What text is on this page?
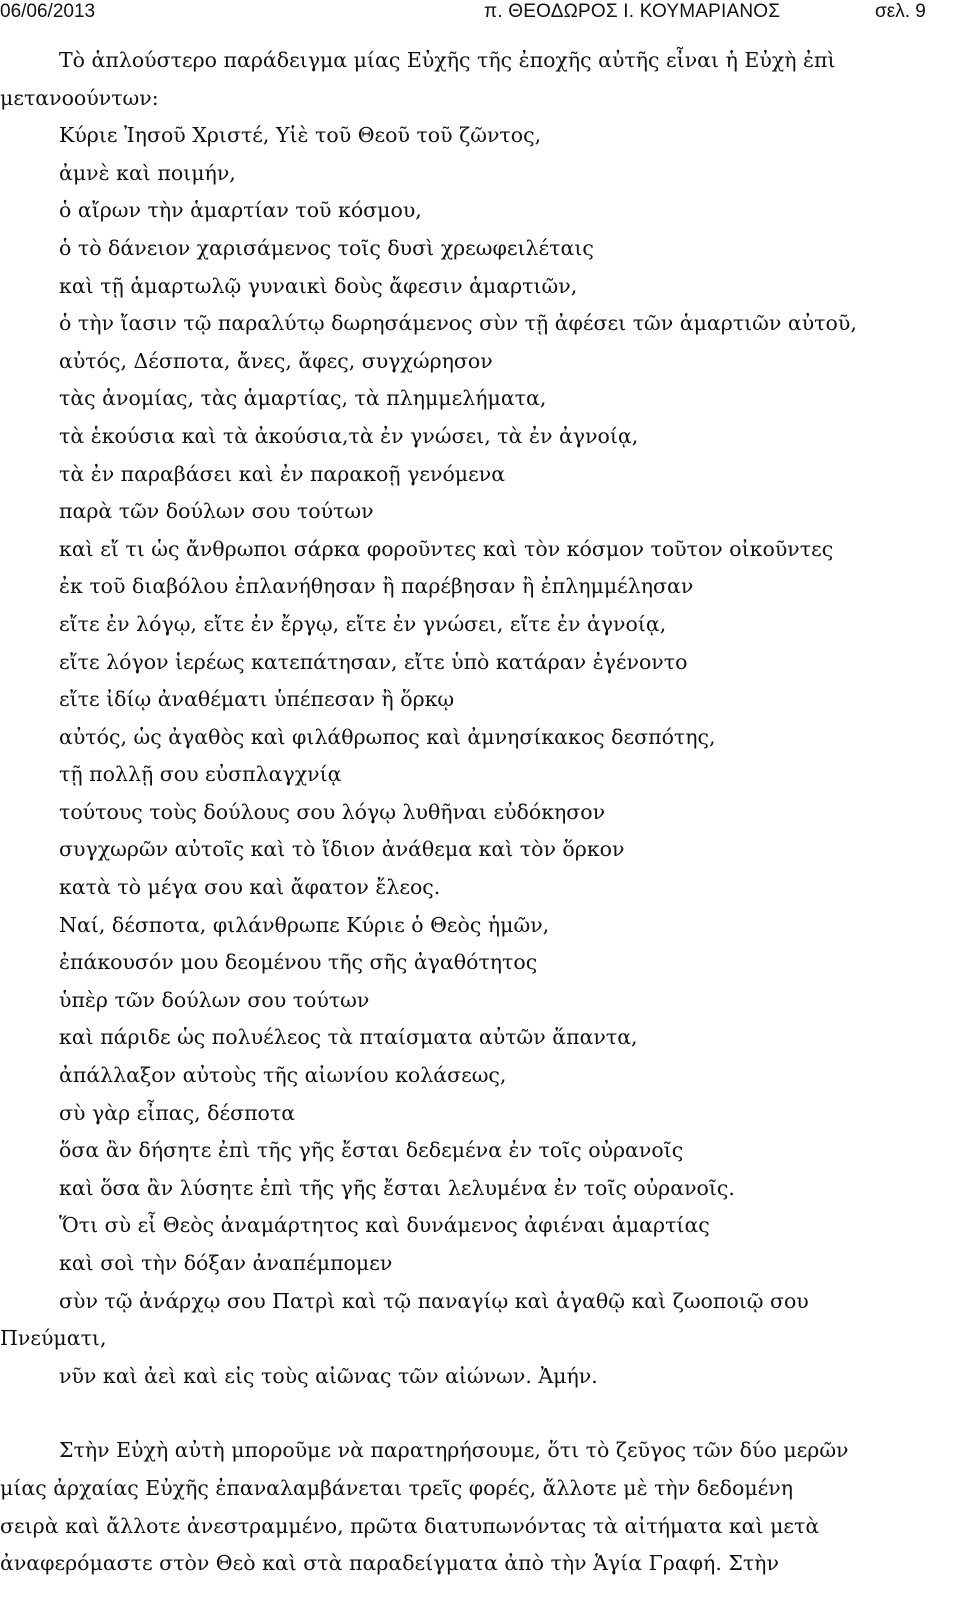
06/06/2013	π. ΘΕΟΔΩΡΟΣ Ι. ΚΟΥΜΑΡΙΑΝΟΣ	σελ. 9
Τὸ ἁπλούστερο παράδειγμα μίας Εὐχῆς τῆς ἐποχῆς αὐτῆς εἶναι ἡ Εὐχὴ ἐπὶ
μετανοούντων:
Κύριε Ἰησοῦ Χριστέ, Υἱὲ τοῦ Θεοῦ τοῦ ζῶντος,
ἀμνὲ καὶ ποιμήν,
ὁ αἴρων τὴν ἁμαρτίαν τοῦ κόσμου,
ὁ τὸ δάνειον χαρισάμενος τοῖς δυσὶ χρεωφειλέταις
καὶ τῇ ἁμαρτωλῷ γυναικὶ δοὺς ἄφεσιν ἁμαρτιῶν,
ὁ τὴν ἴασιν τῷ παραλύτῳ δωρησάμενος σὺν τῇ ἀφέσει τῶν ἁμαρτιῶν αὐτοῦ,
αὐτός, Δέσποτα, ἄνες, ἄφες, συγχώρησον
τὰς ἀνομίας, τὰς ἁμαρτίας, τὰ πλημμελήματα,
τὰ ἑκούσια καὶ τὰ ἀκούσια,τὰ ἐν γνώσει, τὰ ἐν ἀγνοίᾳ,
τὰ ἐν παραβάσει καὶ ἐν παρακοῇ γενόμενα
παρὰ τῶν δούλων σου τούτων
καὶ εἴ τι ὡς ἄνθρωποι σάρκα φοροῦντες καὶ τὸν κόσμον τοῦτον οἰκοῦντες
ἐκ τοῦ διαβόλου ἐπλανήθησαν ἢ παρέβησαν ἢ ἐπλημμέλησαν
εἴτε ἐν λόγῳ, εἴτε ἐν ἔργῳ, εἴτε ἐν γνώσει, εἴτε ἐν ἀγνοίᾳ,
εἴτε λόγον ἱερέως κατεπάτησαν, εἴτε ὑπὸ κατάραν ἐγένοντο
εἴτε ἰδίῳ ἀναθέματι ὑπέπεσαν ἢ ὅρκῳ
αὐτός, ὡς ἀγαθὸς καὶ φιλάθρωπος καὶ ἀμνησίκακος δεσπότης,
τῇ πολλῇ σου εὐσπλαγχνίᾳ
τούτους τοὺς δούλους σου λόγῳ λυθῆναι εὐδόκησον
συγχωρῶν αὐτοῖς καὶ τὸ ἴδιον ἀνάθεμα καὶ τὸν ὅρκον
κατὰ τὸ μέγα σου καὶ ἄφατον ἔλεος.
Ναί, δέσποτα, φιλάνθρωπε Κύριε ὁ Θεὸς ἡμῶν,
ἐπάκουσόν μου δεομένου τῆς σῆς ἀγαθότητος
ὑπὲρ τῶν δούλων σου τούτων
καὶ πάριδε ὡς πολυέλεος τὰ πταίσματα αὐτῶν ἅπαντα,
ἀπάλλαξον αὐτοὺς τῆς αἰωνίου κολάσεως,
σὺ γὰρ εἶπας, δέσποτα
ὅσα ἂν δήσητε ἐπὶ τῆς γῆς ἔσται δεδεμένα ἐν τοῖς οὐρανοῖς
καὶ ὅσα ἂν λύσητε ἐπὶ τῆς γῆς ἔσται λελυμένα ἐν τοῖς οὐρανοῖς.
Ὅτι σὺ εἶ Θεὸς ἀναμάρτητος καὶ δυνάμενος ἀφιέναι ἁμαρτίας
καὶ σοὶ τὴν δόξαν ἀναπέμπομεν
σὺν τῷ ἀνάρχῳ σου Πατρὶ καὶ τῷ παναγίῳ καὶ ἀγαθῷ καὶ ζωοποιῷ σου
Πνεύματι,
νῦν καὶ ἀεὶ καὶ εἰς τοὺς αἰῶνας τῶν αἰώνων. Ἀμήν.
Στὴν Εὐχὴ αὐτὴ μποροῦμε νὰ παρατηρήσουμε, ὅτι τὸ ζεῦγος τῶν δύο μερῶν
μίας ἀρχαίας Εὐχῆς ἐπαναλαμβάνεται τρεῖς φορές, ἄλλοτε μὲ τὴν δεδομένη
σειρὰ καὶ ἄλλοτε ἀνεστραμμένο, πρῶτα διατυπωνόντας τὰ αἰτήματα καὶ μετὰ
ἀναφερόμαστε στὸν Θεὸ καὶ στὰ παραδείγματα ἀπὸ τὴν Ἁγία Γραφή. Στὴν
